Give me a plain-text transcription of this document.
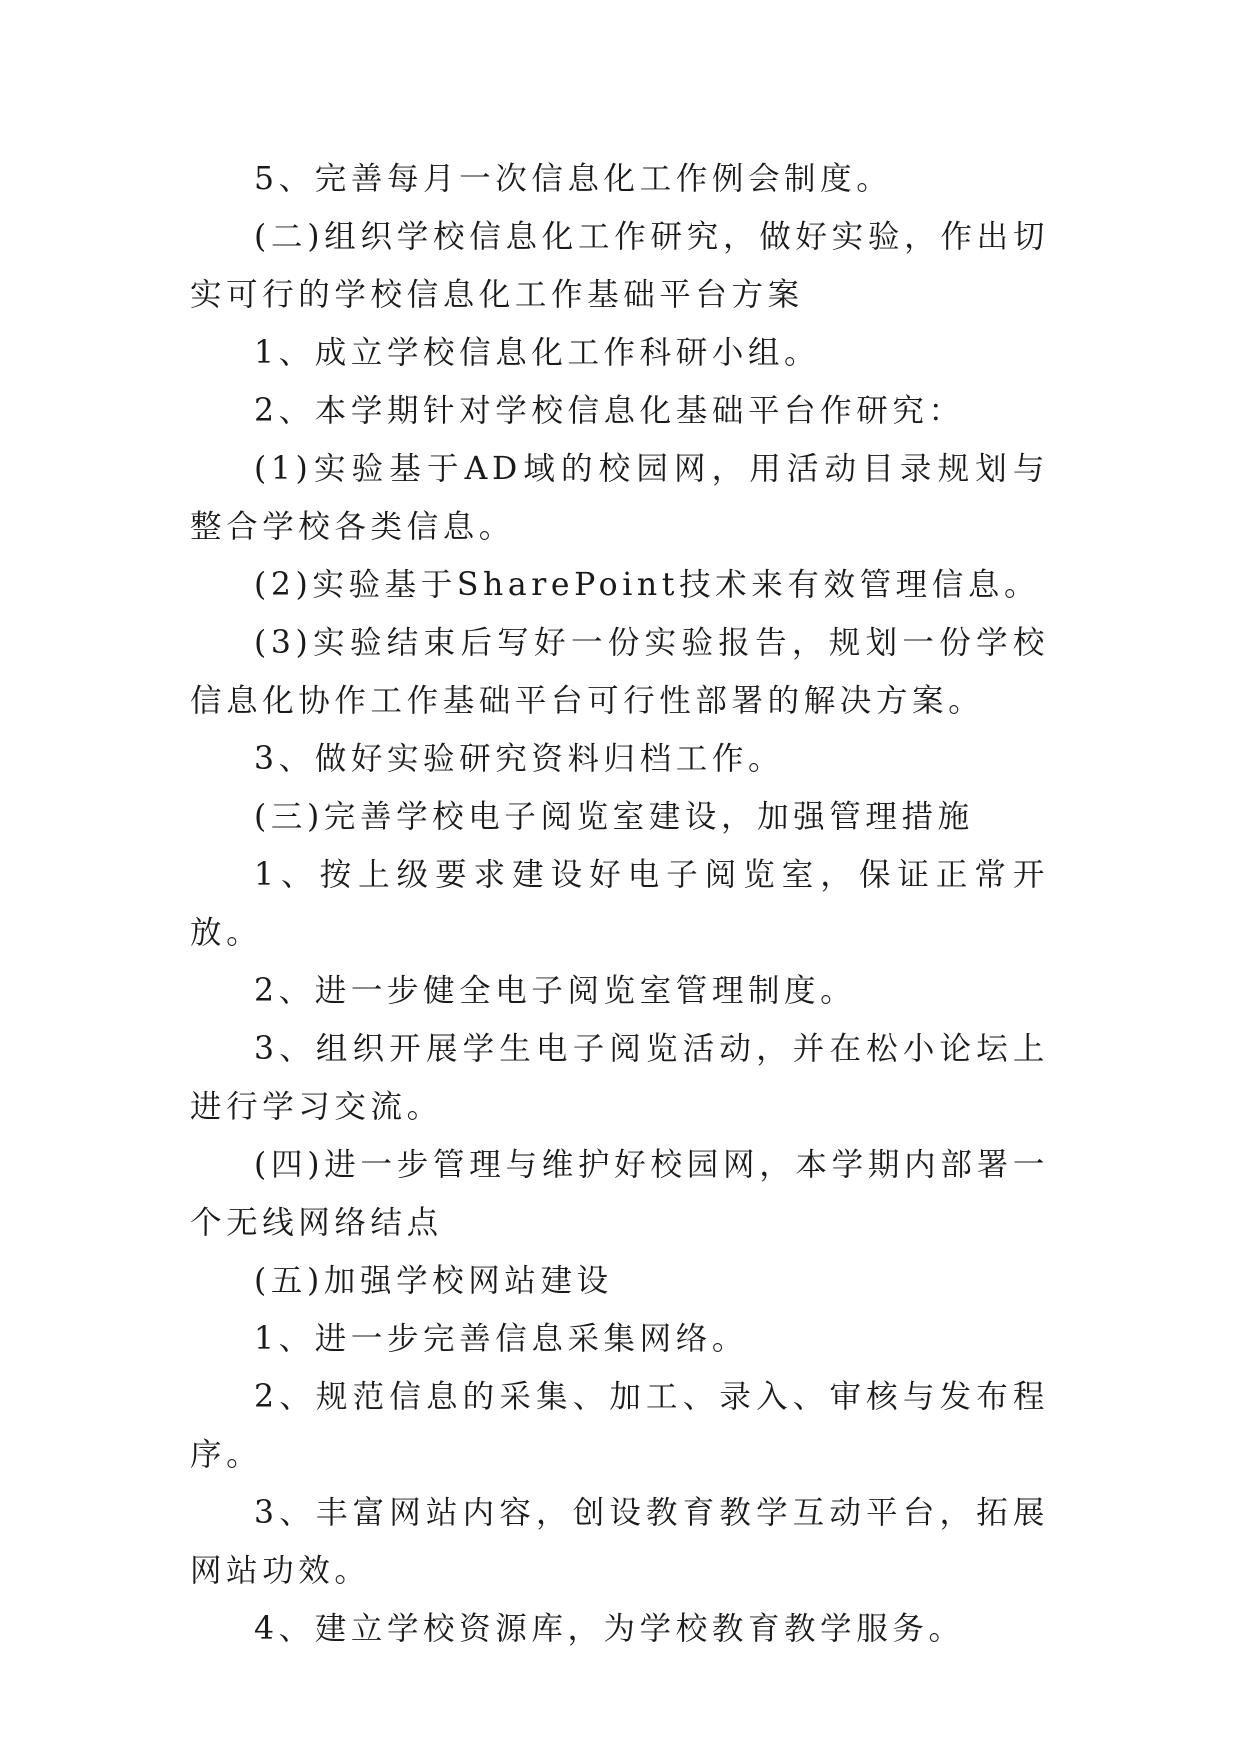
5、完善每月一次信息化工作例会制度。

(二)组织学校信息化工作研究，做好实验，作出切实可行的学校信息化工作基础平台方案

1、成立学校信息化工作科研小组。

2、本学期针对学校信息化基础平台作研究：

(1)实验基于AD域的校园网，用活动目录规划与整合学校各类信息。

(2)实验基于SharePoint技术来有效管理信息。

(3)实验结束后写好一份实验报告，规划一份学校信息化协作工作基础平台可行性部署的解决方案。

3、做好实验研究资料归档工作。

(三)完善学校电子阅览室建设，加强管理措施

1、按上级要求建设好电子阅览室，保证正常开放。

2、进一步健全电子阅览室管理制度。

3、组织开展学生电子阅览活动，并在松小论坛上进行学习交流。

(四)进一步管理与维护好校园网，本学期内部署一个无线网络结点

(五)加强学校网站建设

1、进一步完善信息采集网络。

2、规范信息的采集、加工、录入、审核与发布程序。

3、丰富网站内容，创设教育教学互动平台，拓展网站功效。

4、建立学校资源库，为学校教育教学服务。
